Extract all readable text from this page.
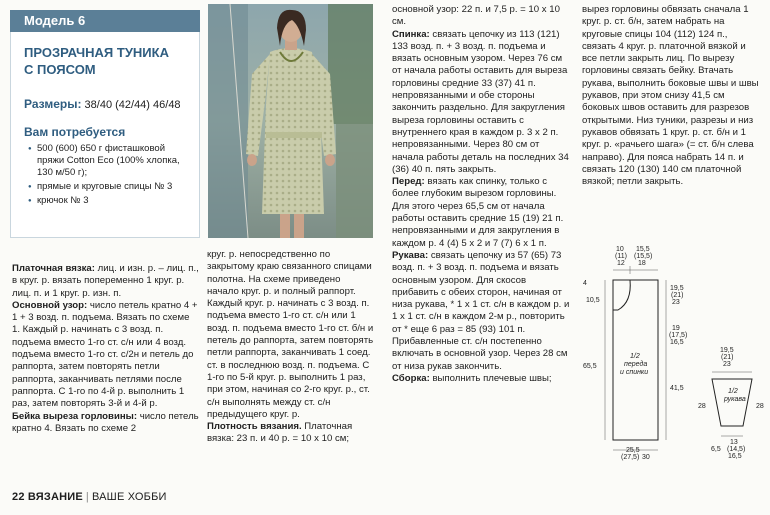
Модель 6
ПРОЗРАЧНАЯ ТУНИКА
С ПОЯСОМ
Размеры: 38/40 (42/44) 46/48
Вам потребуется
● 500 (600) 650 г фисташковой пряжи Cotton Eco (100% хлопка, 130 м/50 г);
● прямые и круговые спицы № 3
● крючок № 3

Платочная вязка: лиц. и изн. р. – лиц. п., в круг. р. вязать попеременно 1 круг. р. лиц. п. и 1 круг. р. изн. п.

Основной узор: число петель кратно 4 + 1 + 3 возд. п. подъема. Вязать по схеме 1. Каждый р. начинать с 3 возд. п. подъема вместо 1-го ст. с/н или 4 возд. подъема вместо 1-го ст. с/2н и петель до раппорта, затем повторять петли раппорта, заканчивать петлями после раппорта. С 1-го по 4-й р. выполнить 1 раз, затем повторять 3-й и 4-й р.

Бейка выреза горловины: число петель кратно 4. Вязать по схеме 2

круг. р. непосредственно по закрытому краю связанного спицами полотна. На схеме приведено начало круг. р. и полный раппорт. Каждый круг. р. начинать с 3 возд. п. подъема вместо 1-го ст. с/н или 1 возд. п. подъема вместо 1-го ст. б/н и петель до раппорта, затем повторять петли раппорта, заканчивать 1 соед. ст. в последнюю возд. п. подъема. С 1-го по 5-й круг. р. выполнить 1 раз, при этом, начиная со 2-го круг. р., ст. с/н выполнять между ст. с/н предыдущего круг. р.

Плотность вязания. Платочная вязка: 23 п. и 40 р. = 10 х 10 см;

основной узор: 22 п. и 7,5 р. = 10 х 10 см.

Спинка: связать цепочку из 113 (121) 133 возд. п. + 3 возд. п. подъема и вязать основным узором. Через 76 см от начала работы оставить для выреза горловины средние 33 (37) 41 п. непровязанными и обе стороны закончить раздельно. Для закругления выреза горловины оставить с внутреннего края в каждом р. 3 х 2 п. непровязанными. Через 80 см от начала работы деталь на последних 34 (36) 40 п. пять закрыть.

Перед: вязать как спинку, только с более глубоким вырезом горловины. Для этого через 65,5 см от начала работы оставить средние 15 (19) 21 п. непровязанными и для закругления в каждом р. 4 (4) 5 х 2 и 7 (7) 6 х 1 п.

Рукава: связать цепочку из 57 (65) 73 возд. п. + 3 возд. п. подъема и вязать основным узором. Для скосов прибавить с обеих сторон, начиная от низа рукава, * 1 х 1 ст. с/н в каждом р. и 1 х 1 ст. с/н в каждом 2-м р., повторить от * еще 6 раз = 85 (93) 101 п. Прибавленные ст. с/н постепенно включать в основной узор. Через 28 см от низа рукав закончить.

Сборка: выполнить плечевые швы;

вырез горловины обвязать сначала 1 круг. р. ст. б/н, затем набрать на круговые спицы 104 (112) 124 п., связать 4 круг. р. платочной вязкой и все петли закрыть лиц. По вырезу горловины связать бейку. Втачать рукава, выполнить боковые швы и швы рукавов, при этом снизу 41,5 см боковых швов оставить для разрезов открытыми. Низ туники, разрезы и низ рукавов обвязать 1 круг. р. ст. б/н и 1 круг. р. «рачьего шага» (= ст. б/н слева направо). Для пояса набрать 14 п. и связать 120 (130) 140 см платочной вязкой; петли закрыть.

10
(11)
12
15,5
(15,5)
18
4
10,5
65,5
19,5
(21)
23
19
(17,5)
16,5
41,5
25,5
(27,5) 30
1/2
переда
и спинки
19,5
(21)
23
28	28
13
(14,5)
16,5
6,5
1/2
рукава
22 ВЯЗАНИЕ | ВАШЕ ХОББИ
